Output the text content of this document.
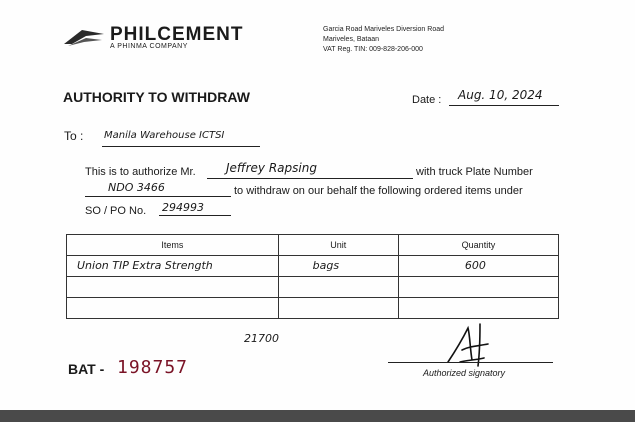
PHILCEMENT
A PHINMA COMPANY
Garcia Road Mariveles Diversion Road
Mariveles, Bataan
VAT Reg. TIN: 009-828-206-000
AUTHORITY TO WITHDRAW	Date : Aug. 10, 2024
To : Manila Warehouse ICTSI
This is to authorize Mr.	Jeffrey Rapsing	with truck Plate Number
NDO 3466	to withdraw on our behalf the following ordered items under
SO / PO No. 294993
Items	Unit	Quantity

Union TIP Extra Strength	bags	600

21700
BAT - 198757	Authorized signatory
